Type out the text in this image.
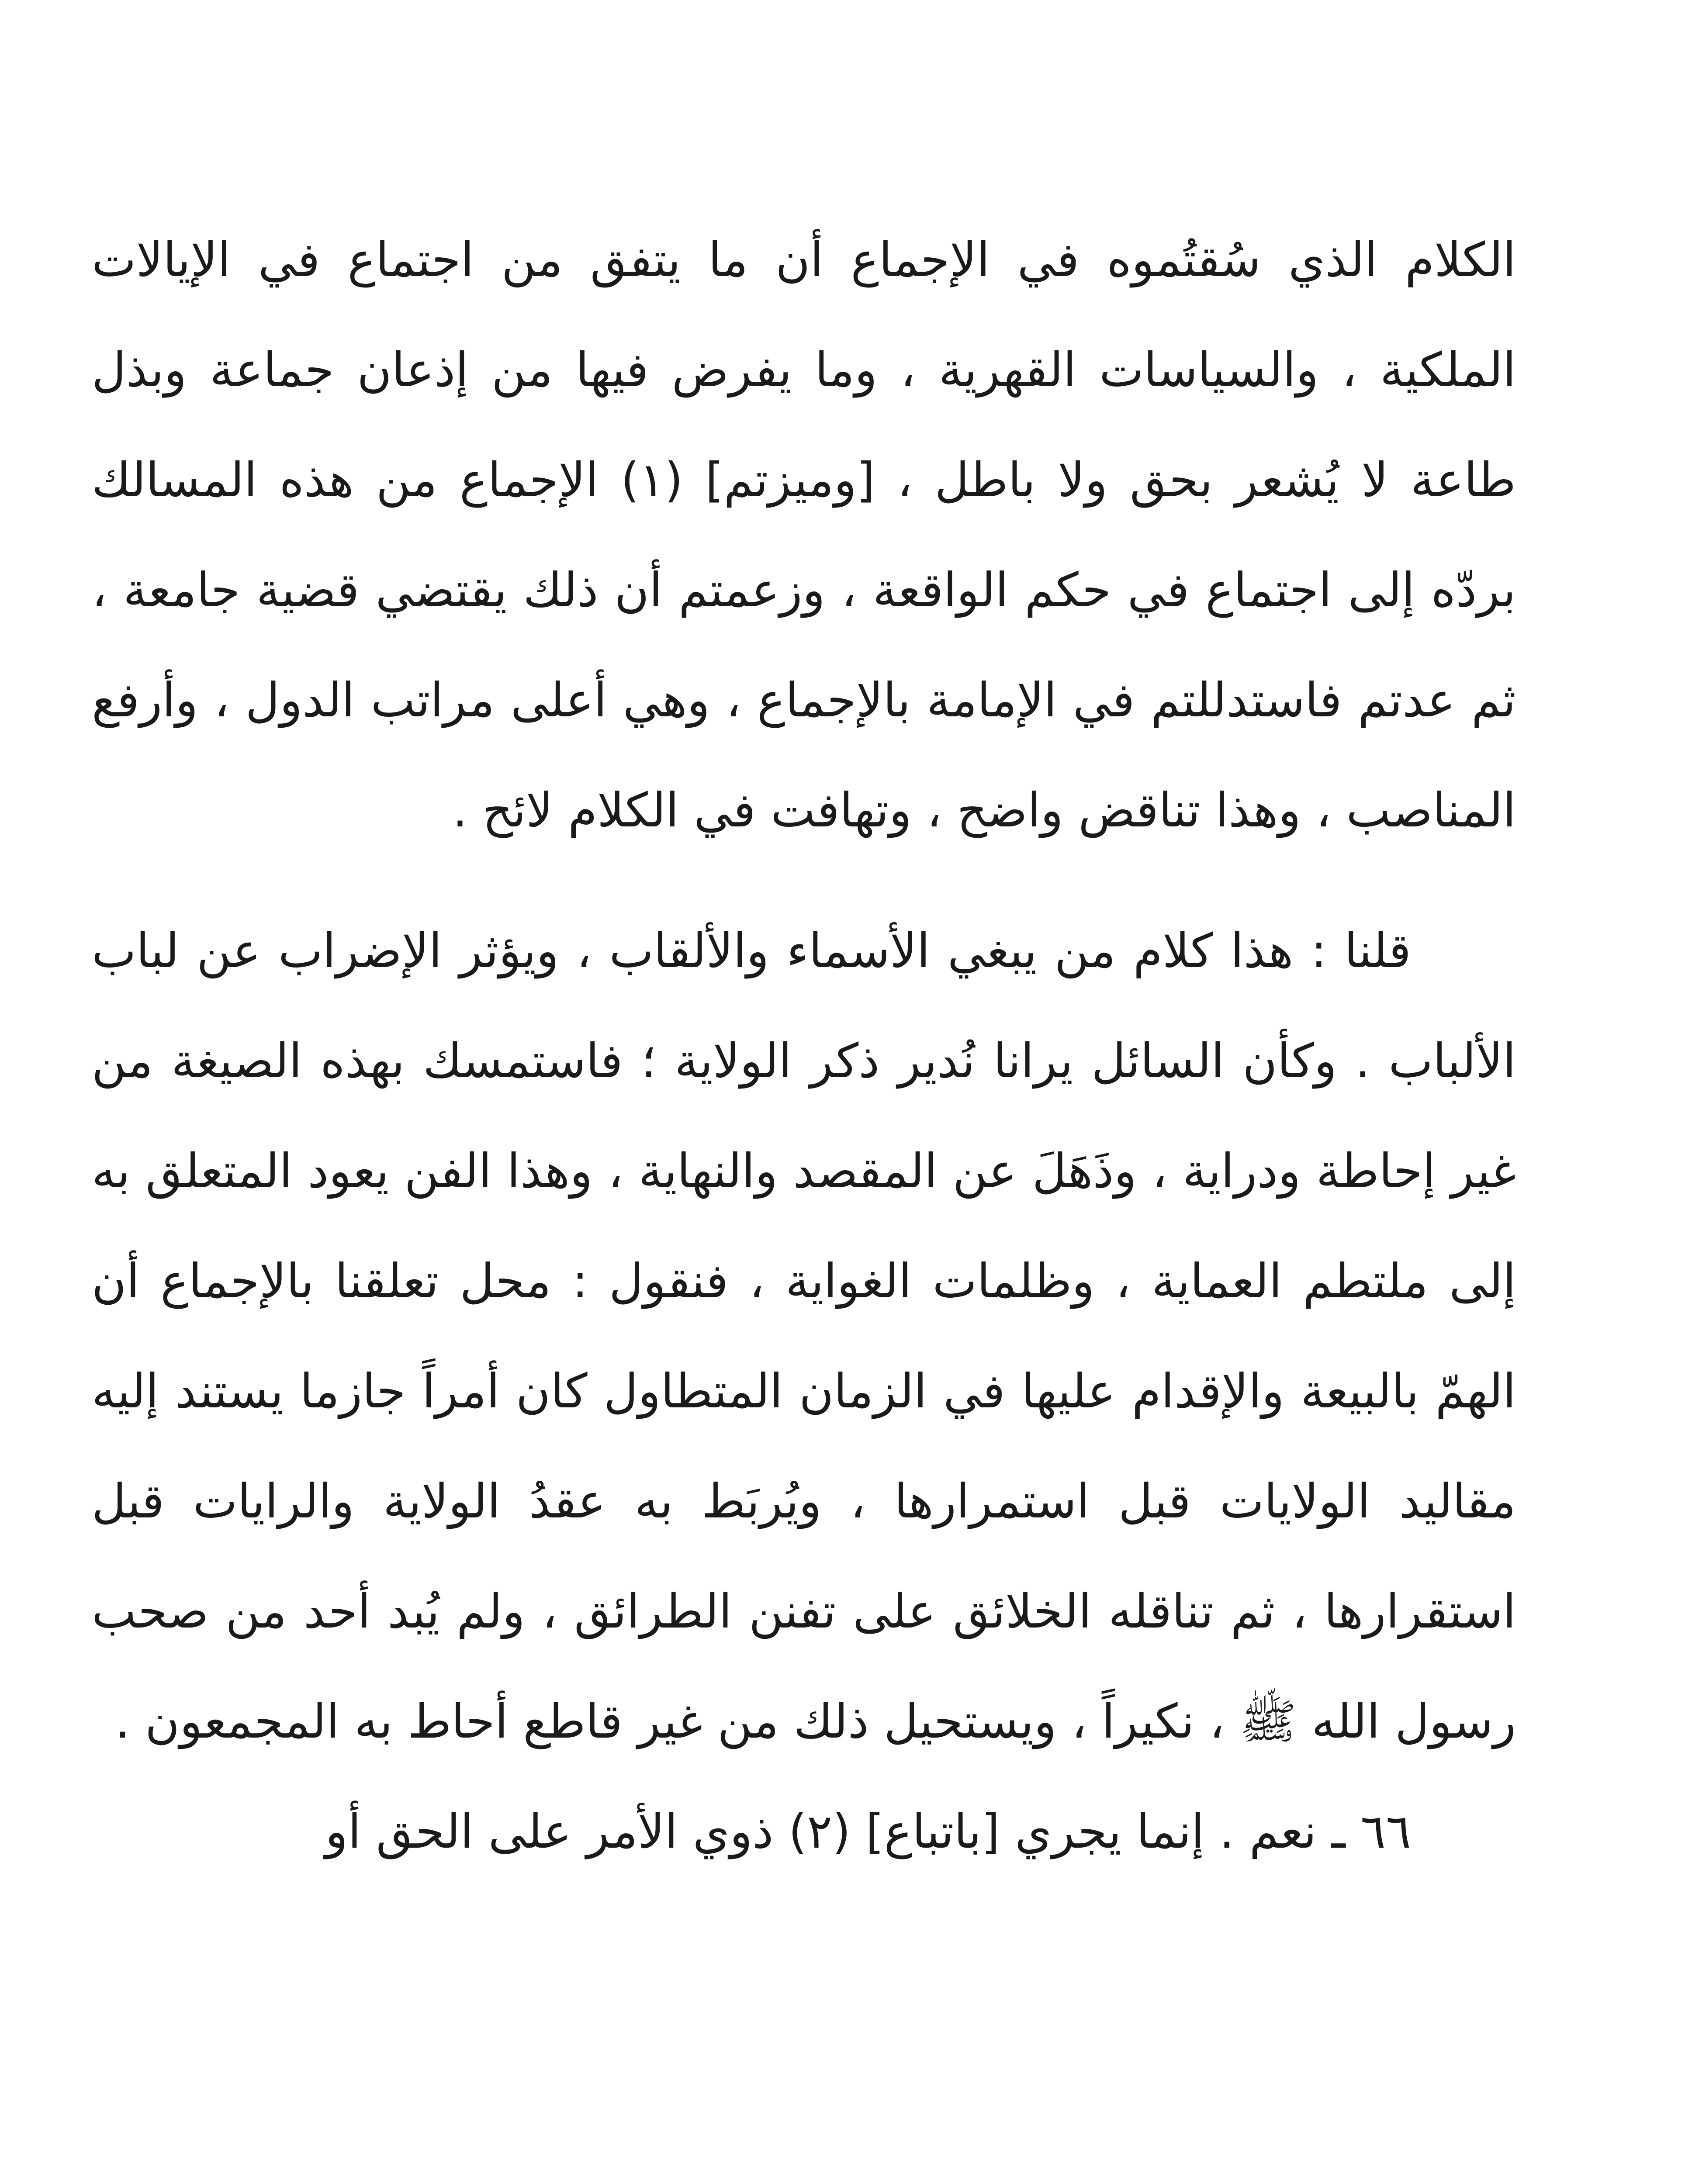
الكلام الذي سُقتُموه في الإجماع أن ما يتفق من اجتماع في الإيالات الملكية ، والسياسات القهرية ، وما يفرض فيها من إذعان جماعة وبذل طاعة لا يُشعر بحق ولا باطل ، [وميزتم] (١) الإجماع من هذه المسالك بردّه إلى اجتماع في حكم الواقعة ، وزعمتم أن ذلك يقتضي قضية جامعة ، ثم عدتم فاستدللتم في الإمامة بالإجماع ، وهي أعلى مراتب الدول ، وأرفع المناصب ، وهذا تناقض واضح ، وتهافت في الكلام لائح .

قلنا : هذا كلام من يبغي الأسماء والألقاب ، ويؤثر الإضراب عن لباب الألباب . وكأن السائل يرانا نُدير ذكر الولاية ؛ فاستمسك بهذه الصيغة من غير إحاطة ودراية ، وذَهَلَ عن المقصد والنهاية ، وهذا الفن يعود المتعلق به إلى ملتطم العماية ، وظلمات الغواية ، فنقول : محل تعلقنا بالإجماع أن الهمّ بالبيعة والإقدام عليها في الزمان المتطاول كان أمراً جازما يستند إليه مقاليد الولايات قبل استمرارها ، ويُربَط به عقدُ الولاية والرايات قبل استقرارها ، ثم تناقله الخلائق على تفنن الطرائق ، ولم يُبد أحد من صحب رسول الله ﷺ ، نكيراً ، ويستحيل ذلك من غير قاطع أحاط به المجمعون .

٦٦ ـ نعم . إنما يجري [باتباع] (٢) ذوي الأمر على الحق أو
